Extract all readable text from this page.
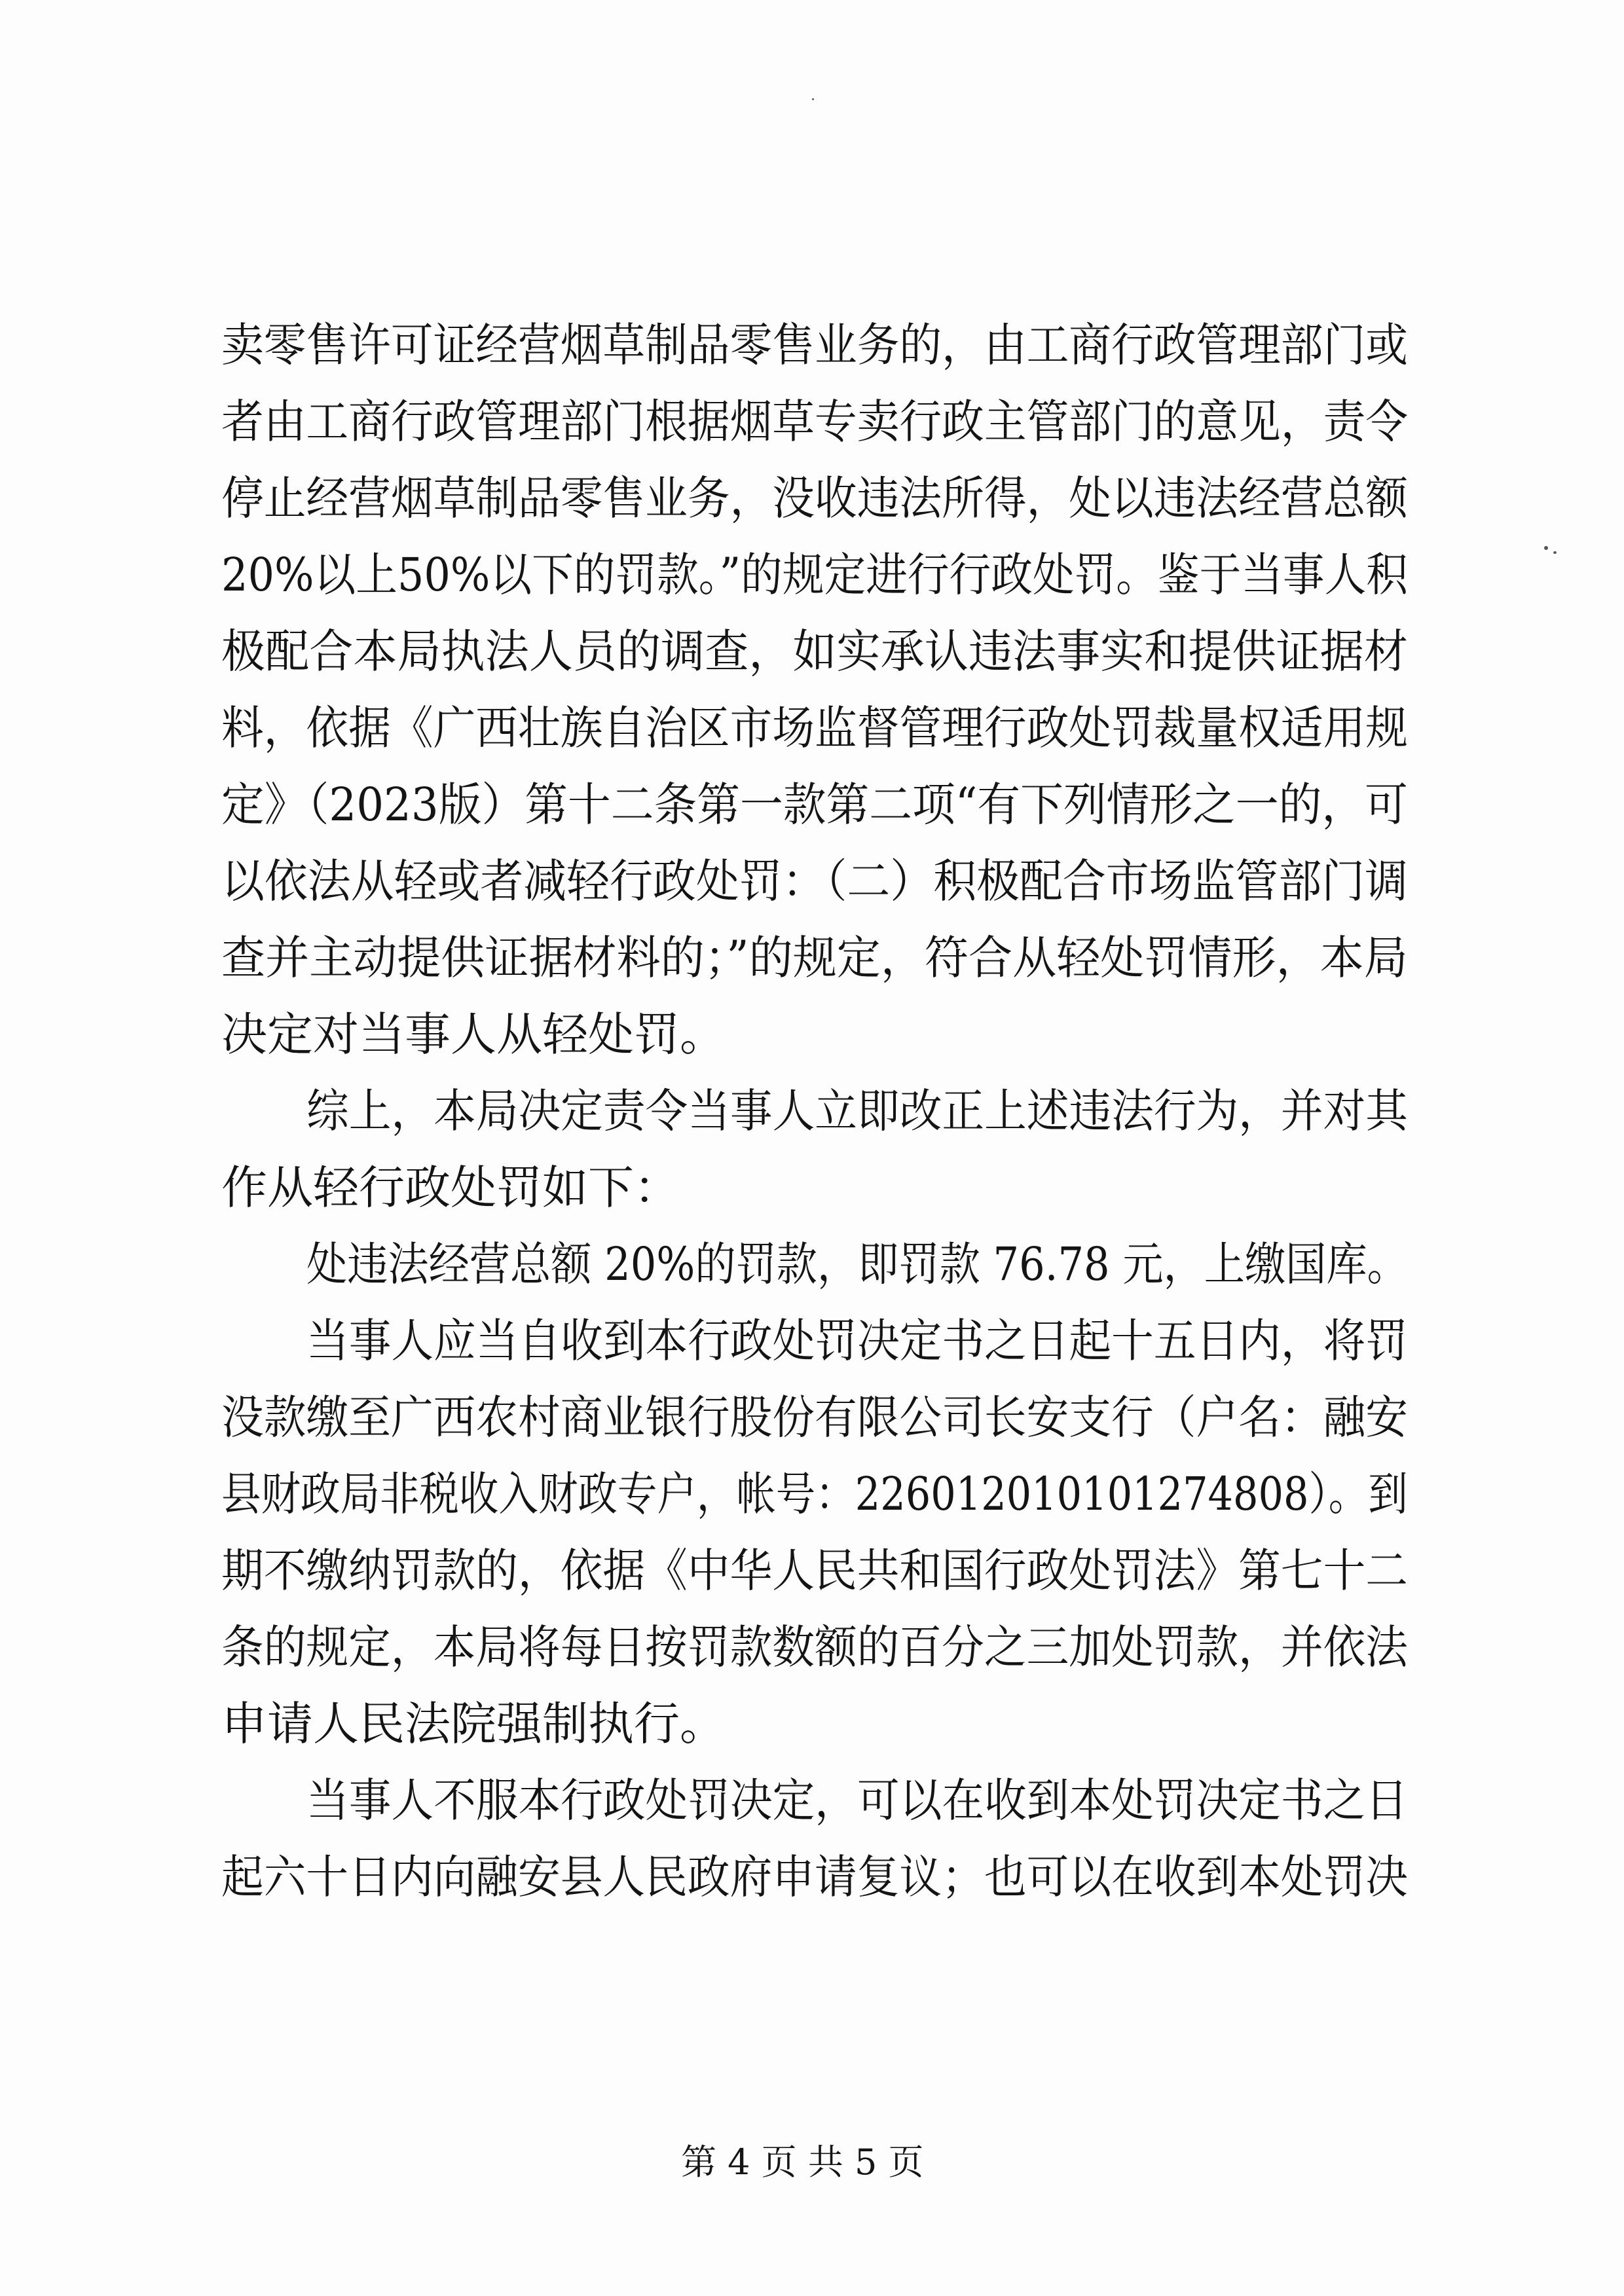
卖零售许可证经营烟草制品零售业务的，由工商行政管理部门或
者由工商行政管理部门根据烟草专卖行政主管部门的意见，责令
停止经营烟草制品零售业务，没收违法所得，处以违法经营总额
20%以上50%以下的罚款。”的规定进行行政处罚。鉴于当事人积
极配合本局执法人员的调查，如实承认违法事实和提供证据材
料，依据《广西壮族自治区市场监督管理行政处罚裁量权适用规
定》（2023版）第十二条第一款第二项“有下列情形之一的，可
以依法从轻或者减轻行政处罚：（二）积极配合市场监管部门调
查并主动提供证据材料的；”的规定，符合从轻处罚情形，本局
决定对当事人从轻处罚。
综上，本局决定责令当事人立即改正上述违法行为，并对其
作从轻行政处罚如下：
处违法经营总额 20%的罚款，即罚款 76.78 元，上缴国库。
当事人应当自收到本行政处罚决定书之日起十五日内，将罚
没款缴至广西农村商业银行股份有限公司长安支行（户名：融安
县财政局非税收入财政专户，帐号：22601201010127480​8）。到
期不缴纳罚款的，依据《中华人民共和国行政处罚法》第七十二
条的规定，本局将每日按罚款数额的百分之三加处罚款，并依法
申请人民法院强制执行。
当事人不服本行政处罚决定，可以在收到本处罚决定书之日
起六十日内向融安县人民政府申请复议；也可以在收到本处罚决
第 4 页 共 5 页
